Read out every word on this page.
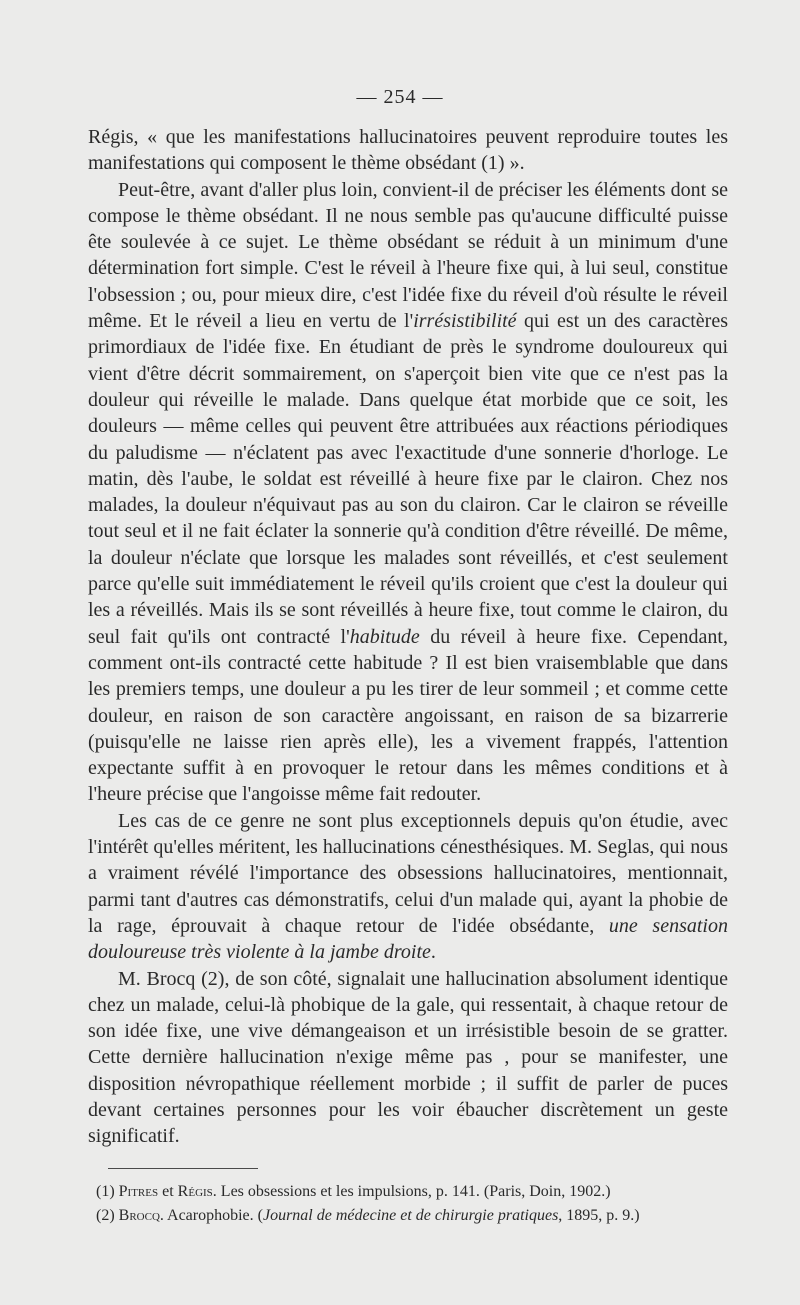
— 254 —

Régis, « que les manifestations hallucinatoires peuvent reproduire toutes les manifestations qui composent le thème obsédant (1) ».

Peut-être, avant d'aller plus loin, convient-il de préciser les éléments dont se compose le thème obsédant. Il ne nous semble pas qu'aucune difficulté puisse ête soulevée à ce sujet. Le thème obsédant se réduit à un minimum d'une détermination fort simple. C'est le réveil à l'heure fixe qui, à lui seul, constitue l'obsession ; ou, pour mieux dire, c'est l'idée fixe du réveil d'où résulte le réveil même. Et le réveil a lieu en vertu de l'irrésistibilité qui est un des caractères primordiaux de l'idée fixe. En étudiant de près le syndrome douloureux qui vient d'être décrit sommairement, on s'aperçoit bien vite que ce n'est pas la douleur qui réveille le malade. Dans quelque état morbide que ce soit, les douleurs — même celles qui peuvent être attribuées aux réactions périodiques du paludisme — n'éclatent pas avec l'exactitude d'une sonnerie d'horloge. Le matin, dès l'aube, le soldat est réveillé à heure fixe par le clairon. Chez nos malades, la douleur n'équivaut pas au son du clairon. Car le clairon se réveille tout seul et il ne fait éclater la sonnerie qu'à condition d'être réveillé. De même, la douleur n'éclate que lorsque les malades sont réveillés, et c'est seulement parce qu'elle suit immédiatement le réveil qu'ils croient que c'est la douleur qui les a réveillés. Mais ils se sont réveillés à heure fixe, tout comme le clairon, du seul fait qu'ils ont contracté l'habitude du réveil à heure fixe. Cependant, comment ont-ils contracté cette habitude ? Il est bien vraisemblable que dans les premiers temps, une douleur a pu les tirer de leur sommeil ; et comme cette douleur, en raison de son caractère angoissant, en raison de sa bizarrerie (puisqu'elle ne laisse rien après elle), les a vivement frappés, l'attention expectante suffit à en provoquer le retour dans les mêmes conditions et à l'heure précise que l'angoisse même fait redouter.

Les cas de ce genre ne sont plus exceptionnels depuis qu'on étudie, avec l'intérêt qu'elles méritent, les hallucinations cénesthésiques. M. Seglas, qui nous a vraiment révélé l'importance des obsessions hallucinatoires, mentionnait, parmi tant d'autres cas démonstratifs, celui d'un malade qui, ayant la phobie de la rage, éprouvait à chaque retour de l'idée obsédante, une sensation douloureuse très violente à la jambe droite.

M. Brocq (2), de son côté, signalait une hallucination absolument identique chez un malade, celui-là phobique de la gale, qui ressentait, à chaque retour de son idée fixe, une vive démangeaison et un irrésistible besoin de se gratter. Cette dernière hallucination n'exige même pas , pour se manifester, une disposition névropathique réellement morbide ; il suffit de parler de puces devant certaines personnes pour les voir ébaucher discrètement un geste significatif.

(1) Pitres et Régis. Les obsessions et les impulsions, p. 141. (Paris, Doin, 1902.)
(2) Brocq. Acarophobie. (Journal de médecine et de chirurgie pratiques, 1895, p. 9.)
